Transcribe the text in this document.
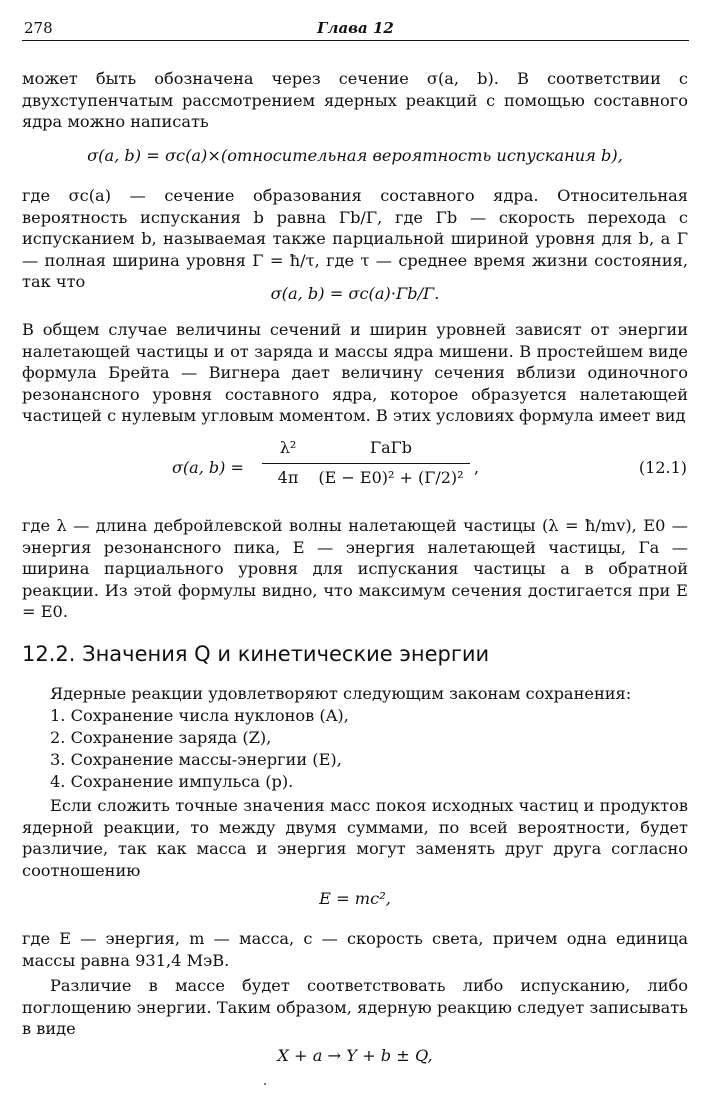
278	Глава 12

может быть обозначена через сечение σ(a, b). В соответствии с двухступенчатым рассмотрением ядерных реакций с помощью составного ядра можно написать

σ(a, b) = σc(a)×(относительная вероятность испускания b),

где σc(a) — сечение образования составного ядра. Относительная вероятность испускания b равна Γb/Γ, где Γb — скорость перехода с испусканием b, называемая также парциальной шириной уровня для b, а Γ — полная ширина уровня Γ = ħ/τ, где τ — среднее время жизни состояния, так что

σ(a, b) = σc(a)·Γb/Γ.

В общем случае величины сечений и ширин уровней зависят от энергии налетающей частицы и от заряда и массы ядра мишени. В простейшем виде формула Брейта — Вигнера дает величину сечения вблизи одиночного резонансного уровня составного ядра, которое образуется налетающей частицей с нулевым угловым моментом. В этих условиях формула имеет вид

σ(a, b) =
λ²
4π
ΓaΓb
(E − E0)² + (Γ/2)²
,	(12.1)

где λ — длина дебройлевской волны налетающей частицы (λ = ħ/mv), E0 — энергия резонансного пика, E — энергия налетающей частицы, Γa — ширина парциального уровня для испускания частицы a в обратной реакции. Из этой формулы видно, что максимум сечения достигается при E = E0.

12.2. Значения Q и кинетические энергии

Ядерные реакции удовлетворяют следующим законам сохранения:

1. Сохранение числа нуклонов (A),
2. Сохранение заряда (Z),
3. Сохранение массы-энергии (E),
4. Сохранение импульса (p).

Если сложить точные значения масс покоя исходных частиц и продуктов ядерной реакции, то между двумя суммами, по всей вероятности, будет различие, так как масса и энергия могут заменять друг друга согласно соотношению

E = mc²,

где E — энергия, m — масса, c — скорость света, причем одна единица массы равна 931,4 МэВ.

Различие в массе будет соответствовать либо испусканию, либо поглощению энергии. Таким образом, ядерную реакцию следует записывать в виде

X + a → Y + b ± Q,
